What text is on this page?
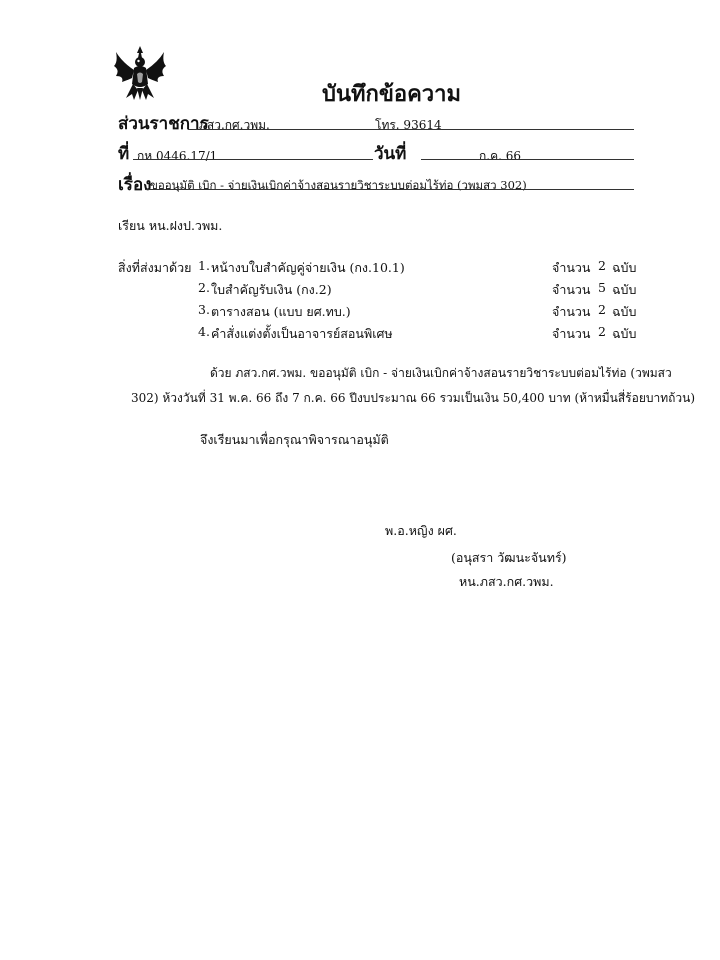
บันทึกข้อความ
ส่วนราชการ
ภสว.กศ.วพม.	โทร. 93614
ที่ กห 0446.17/1	วันที่	ก.ค. 66
เรื่อง
ขออนุมัติ เบิก - จ่ายเงินเบิกค่าจ้างสอนรายวิชาระบบต่อมไร้ท่อ (วพมสว 302)
เรียน หน.ฝงป.วพม.
สิ่งที่ส่งมาด้วย 1. หน้างบใบสำคัญคู่จ่ายเงิน (กง.10.1)	จำนวน 2 ฉบับ
2. ใบสำคัญรับเงิน (กง.2)	จำนวน 5 ฉบับ
3. ตารางสอน (แบบ ยศ.ทบ.)	จำนวน 2 ฉบับ
4. คำสั่งแต่งตั้งเป็นอาจารย์สอนพิเศษ	จำนวน 2 ฉบับ
ด้วย ภสว.กศ.วพม. ขออนุมัติ เบิก - จ่ายเงินเบิกค่าจ้างสอนรายวิชาระบบต่อมไร้ท่อ (วพมสว
302) ห้วงวันที่ 31 พ.ค. 66 ถึง 7 ก.ค. 66 ปีงบประมาณ 66 รวมเป็นเงิน 50,400 บาท (ห้าหมื่นสี่ร้อยบาทถ้วน)
จึงเรียนมาเพื่อกรุณาพิจารณาอนุมัติ
พ.อ.หญิง ผศ.
(อนุสรา วัฒนะจันทร์)
หน.ภสว.กศ.วพม.
